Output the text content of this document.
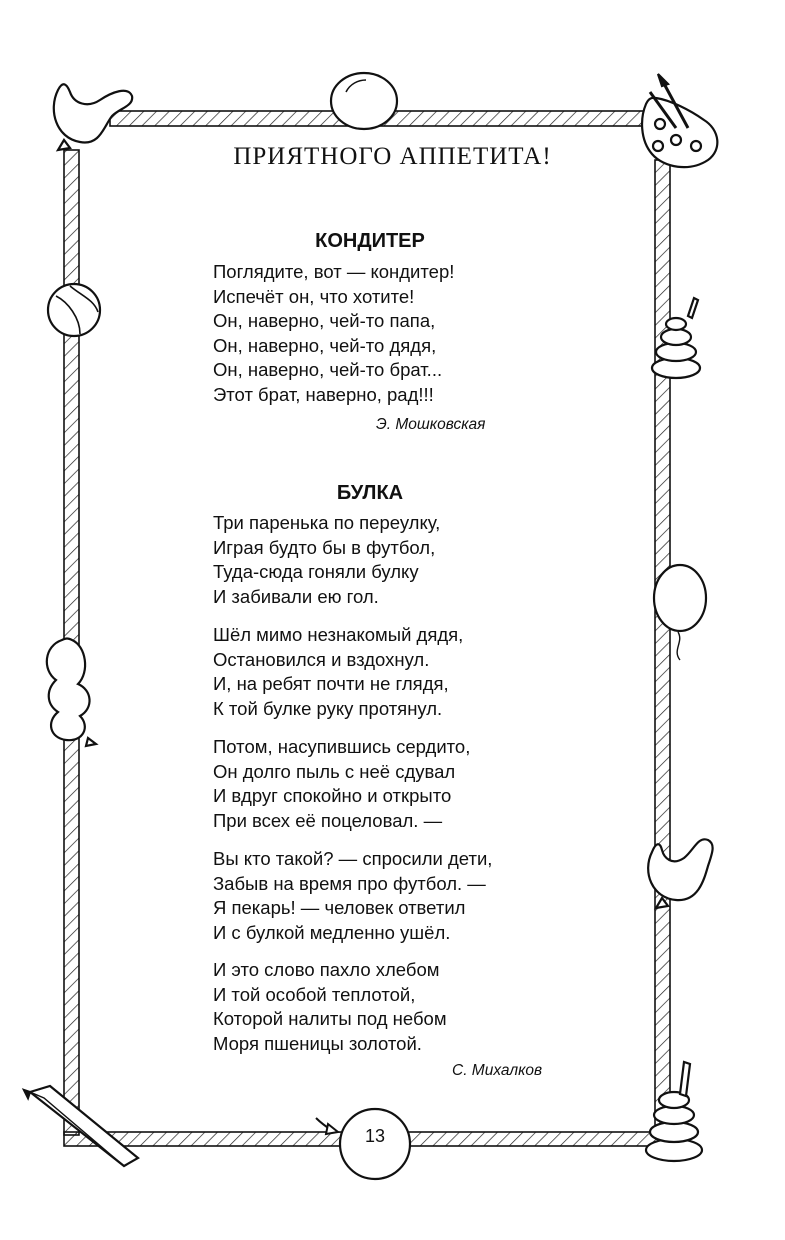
ПРИЯТНОГО АППЕТИТА!
КОНДИТЕР
Поглядите, вот — кондитер!
Испечёт он, что хотите!
Он, наверно, чей-то папа,
Он, наверно, чей-то дядя,
Он, наверно, чей-то брат...
Этот брат, наверно, рад!!!
Э. Мошковская
БУЛКА
Три паренька по переулку,
Играя будто бы в футбол,
Туда-сюда гоняли булку
И забивали ею гол.
Шёл мимо незнакомый дядя,
Остановился и вздохнул.
И, на ребят почти не глядя,
К той булке руку протянул.
Потом, насупившись сердито,
Он долго пыль с неё сдувал
И вдруг спокойно и открыто
При всех её поцеловал. —
Вы кто такой? — спросили дети,
Забыв на время про футбол. —
Я пекарь! — человек ответил
И с булкой медленно ушёл.
И это слово пахло хлебом
И той особой теплотой,
Которой налиты под небом
Моря пшеницы золотой.
С. Михалков
13
